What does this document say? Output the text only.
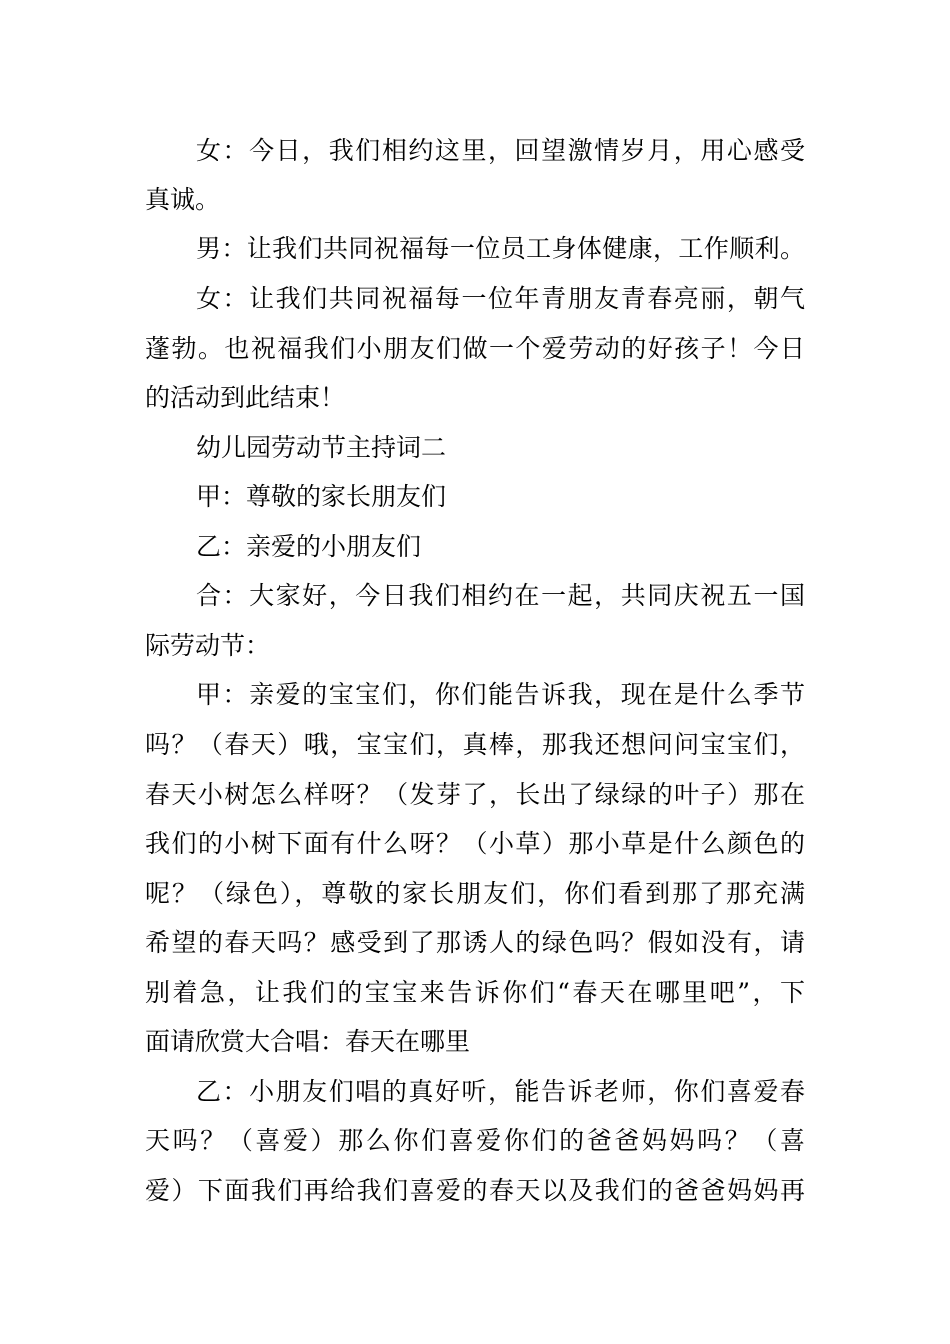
女：今日，我们相约这里，回望激情岁月，用心感受
真诚。
男：让我们共同祝福每一位员工身体健康，工作顺利。
女：让我们共同祝福每一位年青朋友青春亮丽，朝气
蓬勃。也祝福我们小朋友们做一个爱劳动的好孩子！今日
的活动到此结束！
幼儿园劳动节主持词二
甲：尊敬的家长朋友们
乙：亲爱的小朋友们
合：大家好，今日我们相约在一起，共同庆祝五一国
际劳动节：
甲：亲爱的宝宝们，你们能告诉我，现在是什么季节
吗？（春天）哦，宝宝们，真棒，那我还想问问宝宝们，
春天小树怎么样呀？（发芽了，长出了绿绿的叶子）那在
我们的小树下面有什么呀？（小草）那小草是什么颜色的
呢？（绿色），尊敬的家长朋友们，你们看到那了那充满
希望的春天吗？感受到了那诱人的绿色吗？假如没有，请
别着急，让我们的宝宝来告诉你们“春天在哪里吧”，下
面请欣赏大合唱：春天在哪里
乙：小朋友们唱的真好听，能告诉老师，你们喜爱春
天吗？（喜爱）那么你们喜爱你们的爸爸妈妈吗？（喜
爱）下面我们再给我们喜爱的春天以及我们的爸爸妈妈再
